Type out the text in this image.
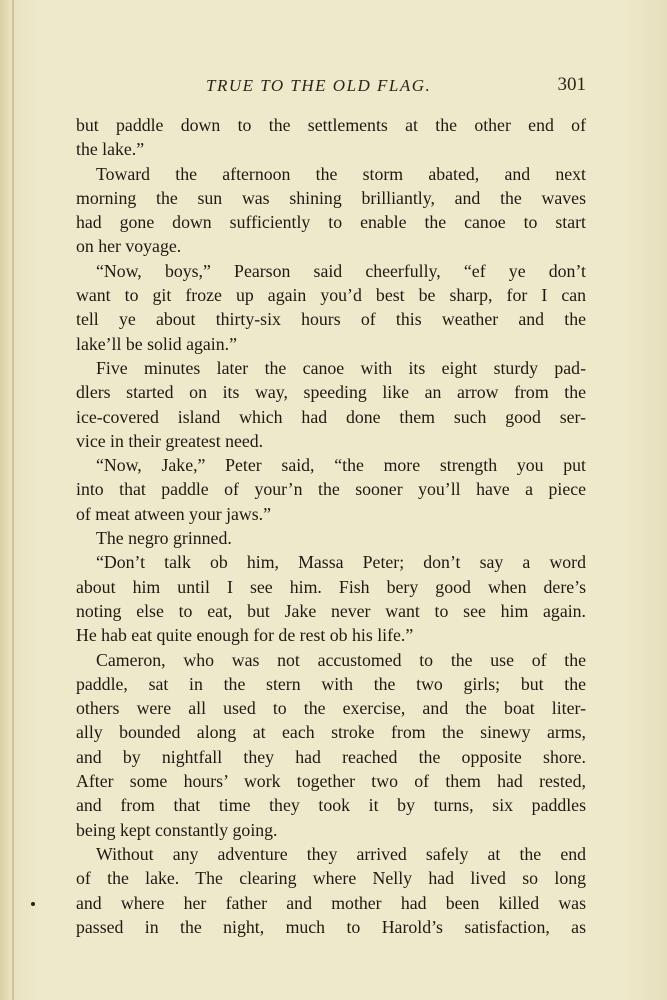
TRUE TO THE OLD FLAG.	301
but paddle down to the settlements at the other end of
the lake.”
Toward the afternoon the storm abated, and next
morning the sun was shining brilliantly, and the waves
had gone down sufficiently to enable the canoe to start
on her voyage.
“Now, boys,” Pearson said cheerfully, “ef ye don’t
want to git froze up again you’d best be sharp, for I can
tell ye about thirty-six hours of this weather and the
lake’ll be solid again.”
Five minutes later the canoe with its eight sturdy pad-
dlers started on its way, speeding like an arrow from the
ice-covered island which had done them such good ser-
vice in their greatest need.
“Now, Jake,” Peter said, “the more strength you put
into that paddle of your’n the sooner you’ll have a piece
of meat atween your jaws.”
The negro grinned.
“Don’t talk ob him, Massa Peter; don’t say a word
about him until I see him. Fish bery good when dere’s
noting else to eat, but Jake never want to see him again.
He hab eat quite enough for de rest ob his life.”
Cameron, who was not accustomed to the use of the
paddle, sat in the stern with the two girls; but the
others were all used to the exercise, and the boat liter-
ally bounded along at each stroke from the sinewy arms,
and by nightfall they had reached the opposite shore.
After some hours’ work together two of them had rested,
and from that time they took it by turns, six paddles
being kept constantly going.
Without any adventure they arrived safely at the end
of the lake. The clearing where Nelly had lived so long
and where her father and mother had been killed was
passed in the night, much to Harold’s satisfaction, as
